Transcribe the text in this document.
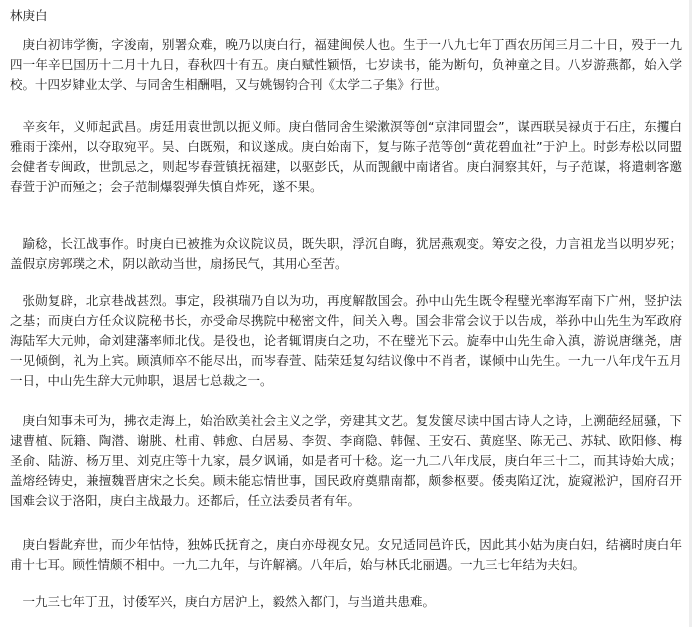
林庚白

庚白初讳学衡，字浚南，别署众难，晚乃以庚白行，福建闽侯人也。生于一八九七年丁酉农历闰三月二十日，殁于一九四一年辛巳国历十二月十九日，春秋四十有五。庚白赋性颖悟，七岁读书，能为断句，负神童之目。八岁游燕都，始入学校。十四岁肄业太学、与同舍生相酬唱，又与姚锡钧合刊《太学二子集》行世。

辛亥年，义师起武昌。虏廷用袁世凯以扼义师。庚白偕同舍生梁漱溟等创“京津同盟会”，谋西联吴禄贞于石庄，东攫白雅雨于滦州，以夺取宛平。吴、白既殒，和议遂成。庚白始南下，复与陈子范等创“黄花碧血社”于沪上。时彭寿松以同盟会健者专闽政，世凯忌之，则起岑春萱镇抚福建，以驱彭氏，从而觊觎中南诸省。庚白洞察其奸，与子范谋，将遣刺客邀春萱于沪而殛之；会子范制爆裂弹失慎自炸死，遂不果。

踰稔，长江战事作。时庚白已被推为众议院议员，既失职，浮沉自晦，犹居燕观变。筹安之役，力言祖龙当以明岁死；盖假京房郭璞之术，阴以歆动当世，扇扬民气，其用心至苦。

张勋复辟，北京巷战甚烈。事定，段祺瑞乃自以为功，再度解散国会。孙中山先生既令程璧光率海军南下广州，竖护法之基；而庚白方任众议院秘书长，亦受命尽携院中秘密文件，间关入粤。国会非常会议于以告成，举孙中山先生为军政府海陆军大元帅，命刘建藩率师北伐。是役也，论者辄谓庚白之功，不在璧光下云。旋奉中山先生命入滇，游说唐继尧，唐一见倾倒，礼为上宾。顾滇师卒不能尽出，而岑春萱、陆荣廷复勾结议像中不肖者，谋倾中山先生。一九一八年戊午五月一日，中山先生辞大元帅职，退居七总裁之一。

庚白知事未可为，拂衣走海上，始治欧美社会主义之学，旁建其文艺。复发箧尽读中国古诗人之诗，上溯葩经屈骚，下逮曹植、阮籍、陶潜、谢朓、杜甫、韩愈、白居易、李贺、李商隐、韩偓、王安石、黄庭坚、陈无己、苏轼、欧阳修、梅圣俞、陆游、杨万里、刘克庄等十九家，晨夕讽诵，如是者可十稔。迄一九二八年戊辰，庚白年三十二，而其诗始大成；盖熔经铸史，兼擅魏晋唐宋之长矣。顾未能忘情世事，国民政府奠鼎南都，颇参枢要。倭夷陷辽沈，旋窥淞沪，国府召开国难会议于洛阳，庚白主战最力。还都后，任立法委员者有年。

庚白髫龀弃世，而少年怙恃，独姊氏抚育之，庚白亦母视女兄。女兄适同邑许氏，因此其小姑为庚白妇，结褵时庚白年甫十七耳。顾性情颇不相中。一九二九年，与许解褵。八年后，始与林氏北丽遇。一九三七年结为夫妇。

一九三七年丁丑，讨倭军兴，庚白方居沪上，毅然入都门，与当道共患难。
